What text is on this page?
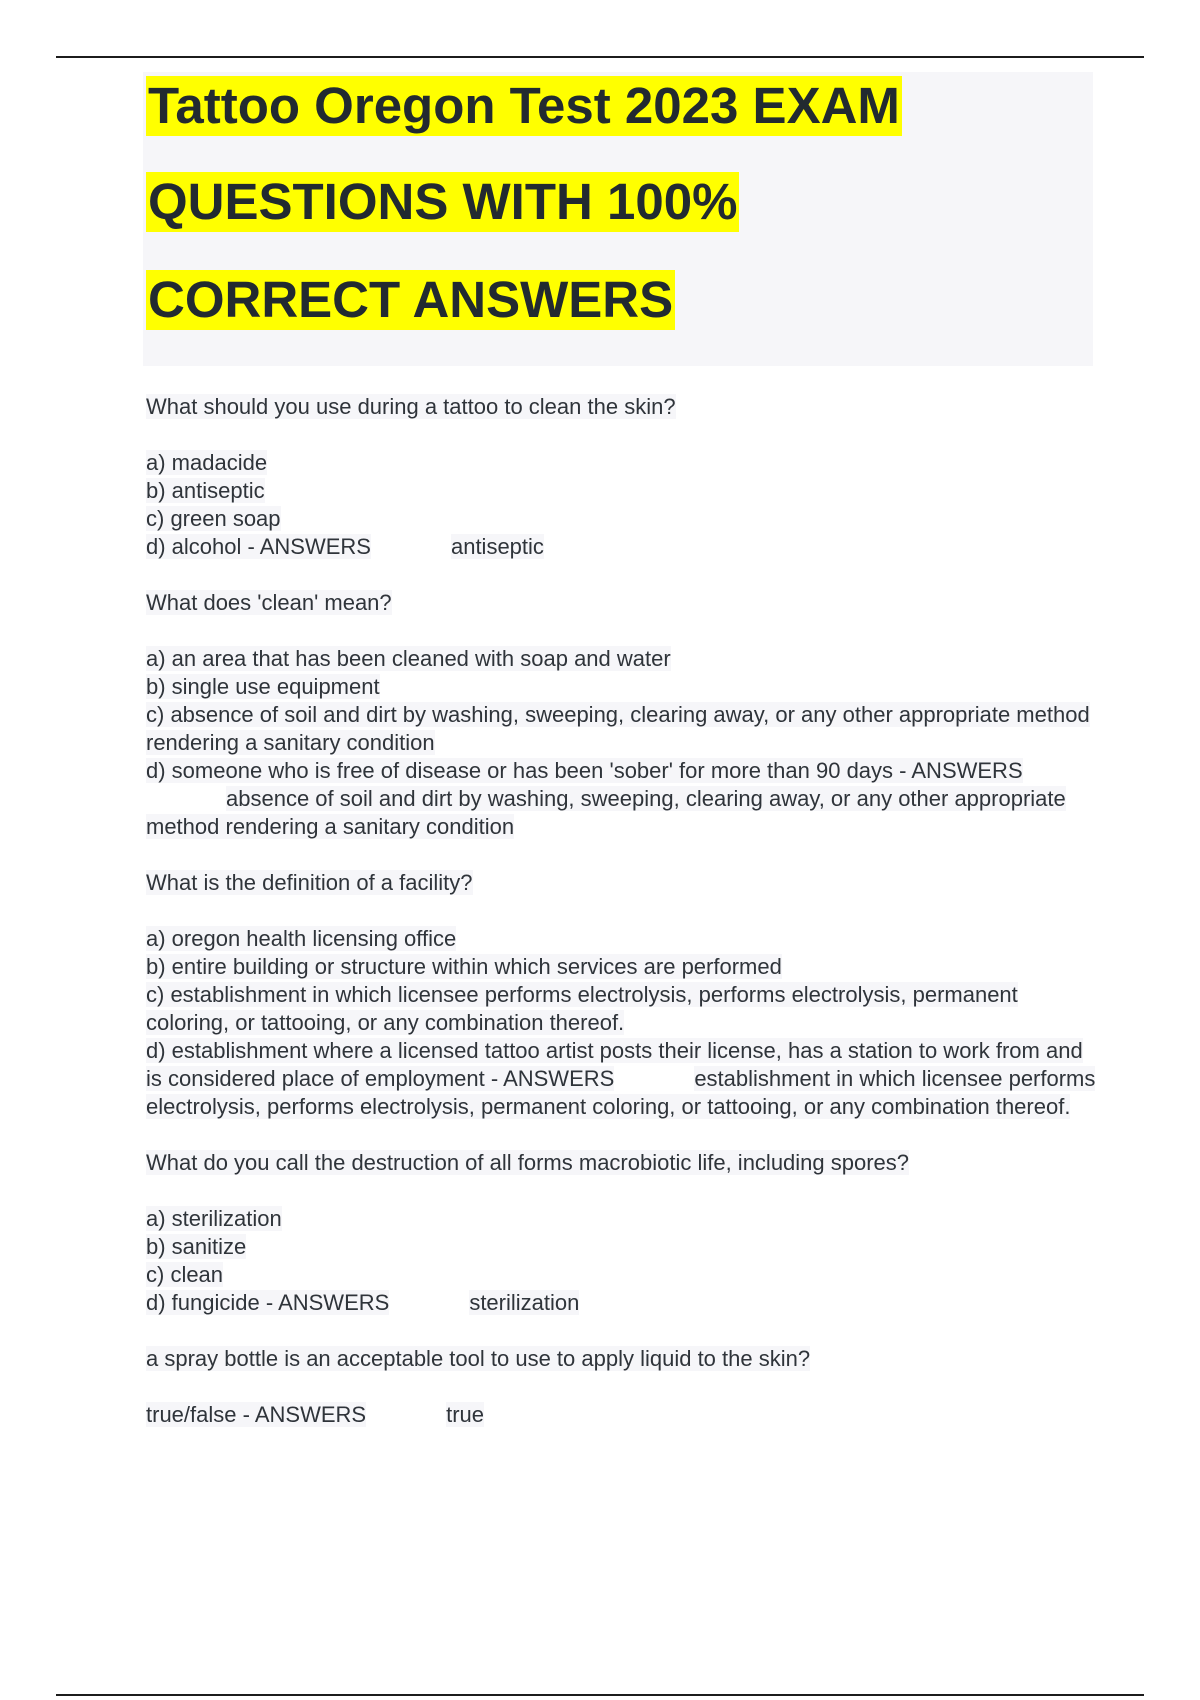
Tattoo Oregon Test 2023 EXAM
QUESTIONS WITH 100%
CORRECT ANSWERS

What should you use during a tattoo to clean the skin?

a) madacide

b) antiseptic

c) green soap

d) alcohol - ANSWERS	antiseptic

What does 'clean' mean?

a) an area that has been cleaned with soap and water

b) single use equipment

c) absence of soil and dirt by washing, sweeping, clearing away, or any other appropriate method rendering a sanitary condition

d) someone who is free of disease or has been 'sober' for more than 90 days - ANSWERSabsence of soil and dirt by washing, sweeping, clearing away, or any other appropriate method rendering a sanitary condition

What is the definition of a facility?

a) oregon health licensing office

b) entire building or structure within which services are performed

c) establishment in which licensee performs electrolysis, performs electrolysis, permanent coloring, or tattooing, or any combination thereof.

d) establishment where a licensed tattoo artist posts their license, has a station to work from and is considered place of employment - ANSWERS	establishment in which licensee performs electrolysis, performs electrolysis, permanent coloring, or tattooing, or any combination thereof.

What do you call the destruction of all forms macrobiotic life, including spores?

a) sterilization

b) sanitize

c) clean

d) fungicide - ANSWERS	sterilization

a spray bottle is an acceptable tool to use to apply liquid to the skin?

true/false - ANSWERS	true
